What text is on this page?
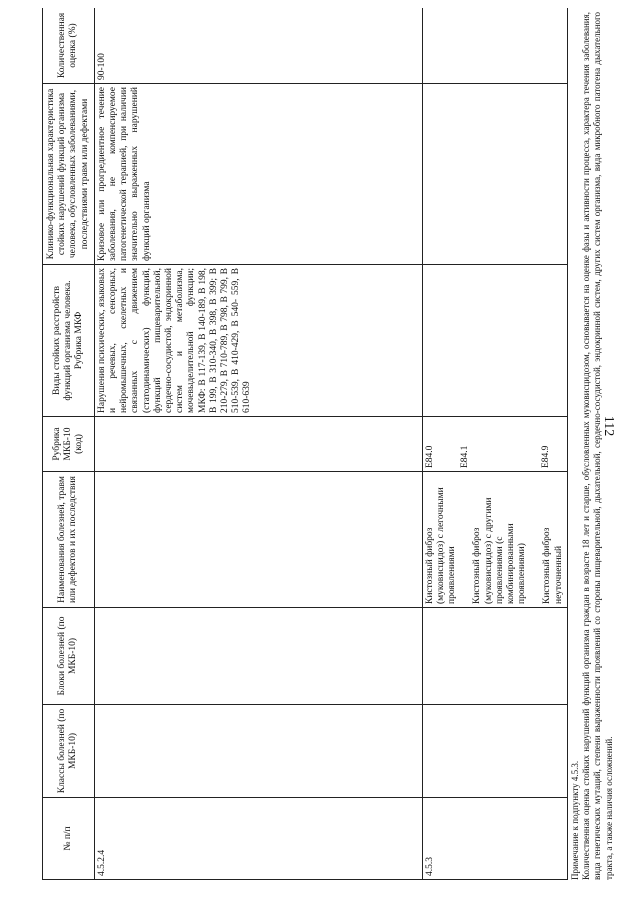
112
№ п/п	Классы болезней (по МКБ-10)	Блоки болезней (по МКБ-10)	Наименования болезней, травм или дефектов и их последствия	Рубрика МКБ-10 (код)	Виды стойких расстройств функций организма человека. Рубрика МКФ	Клинико-функциональная характеристика стойких нарушений функций организма человека, обусловленных заболеваниями, последствиями травм или дефектами	Количественная оценка (%)
4.5.2.4					Нарушения психических, языковых и речевых, сенсорных, нейромышечных, скелетных и связанных с движением (статодинамических) функций, функций пищеварительной, сердечно-сосудистой, эндокринной систем и метаболизма, мочевыделительной функции; МКФ: В 117-139, В 140-189, В 198, В 199, В 310-340, В 398, В 399; В 210-279, В 710-789, В 798, В 799, В 510-539, В 410-429, В 540- 559, В 610-639	Кризовое или прогредиентное течение заболевания, не компенсируемое патогенетической терапией, при наличии значительно выраженных нарушений функций организма	90-100
4.5.3			Кистозный фиброз (муковисцидоз) с легочными проявлениями Кистозный фиброз (муковисцидоз) с другими проявлениями (с комбинированными проявлениями) Кистозный фиброз неуточненный	E84.0 E84.1 E84.9			

Примечание к подпункту 4.5.3. Количественная оценка стойких нарушений функций организма граждан в возрасте 18 лет и старше, обусловленных муковисцидозом, основывается на оценке фазы и активности процесса, характера течения заболевания, вида генетических мутаций, степени выраженности проявлений со стороны пищеварительной, дыхательной, сердечно-сосудистой, эндокринной систем, других систем организма, вида микробного патогена дыхательного тракта, а также наличия осложнений.
